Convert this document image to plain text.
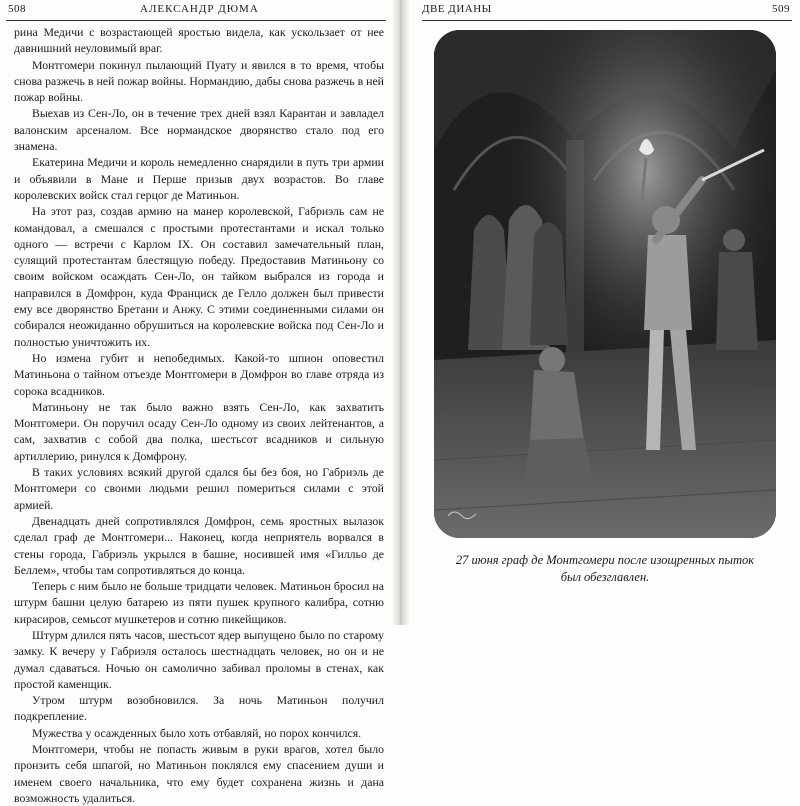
508	АЛЕКСАНДР ДЮМА

рина Медичи с возрастающей яростью видела, как ускользает от нее давнишний неуловимый враг.

Монтгомери покинул пылающий Пуату и явился в то время, чтобы снова разжечь в ней пожар войны. Нормандию, дабы снова разжечь в ней пожар войны.

Выехав из Сен-Ло, он в течение трех дней взял Карантан и завладел валонским арсеналом. Все нормандское дворянство стало под его знамена.

Екатерина Медичи и король немедленно снарядили в путь три армии и объявили в Мане и Перше призыв двух возрастов. Во главе королевских войск стал герцог де Матиньон.

На этот раз, создав армию на манер королевской, Габриэль сам не командовал, а смешался с простыми протестантами и искал только одного — встречи с Карлом IX. Он составил замечательный план, сулящий протестантам блестящую победу. Предоставив Матиньону со своим войском осаждать Сен-Ло, он тайком выбрался из города и направился в Домфрон, куда Франциск де Гелло должен был привести ему все дворянство Бретани и Анжу. С этими соединенными силами он собирался неожиданно обрушиться на королевские войска под Сен-Ло и полностью уничтожить их.

Но измена губит и непобедимых. Какой-то шпион оповестил Матиньона о тайном отъезде Монтгомери в Домфрон во главе отряда из сорока всадников.

Матиньону не так было важно взять Сен-Ло, как захватить Монтгомери. Он поручил осаду Сен-Ло одному из своих лейтенантов, а сам, захватив с собой два полка, шестьсот всадников и сильную артиллерию, ринулся к Домфрону.

В таких условиях всякий другой сдался бы без боя, но Габриэль де Монтгомери со своими людьми решил помериться силами с этой армией.

Двенадцать дней сопротивлялся Домфрон, семь яростных вылазок сделал граф де Монтгомери... Наконец, когда неприятель ворвался в стены города, Габриэль укрылся в башне, носившей имя «Гилльо де Беллем», чтобы там сопротивляться до конца.

Теперь с ним было не больше тридцати человек. Матиньон бросил на штурм башни целую батарею из пяти пушек крупного калибра, сотню кирасиров, семьсот мушкетеров и сотню пикейщиков.

Штурм длился пять часов, шестьсот ядер выпущено было по старому замку. К вечеру у Габриэля осталось шестнадцать человек, но он и не думал сдаваться. Ночью он самолично забивал проломы в стенах, как простой каменщик.

Утром штурм возобновился. За ночь Матиньон получил подкрепление.

Мужества у осажденных было хоть отбавляй, но порох кончился.

Монтгомери, чтобы не попасть живым в руки врагов, хотел было пронзить себя шпагой, но Матиньон поклялся ему спасением души и именем своего начальника, что ему будет сохранена жизнь и дана возможность удалиться.

ДВЕ ДИАНЫ	509
27 июня граф де Монтгомери после изощренных пыток
был обезглавлен.
